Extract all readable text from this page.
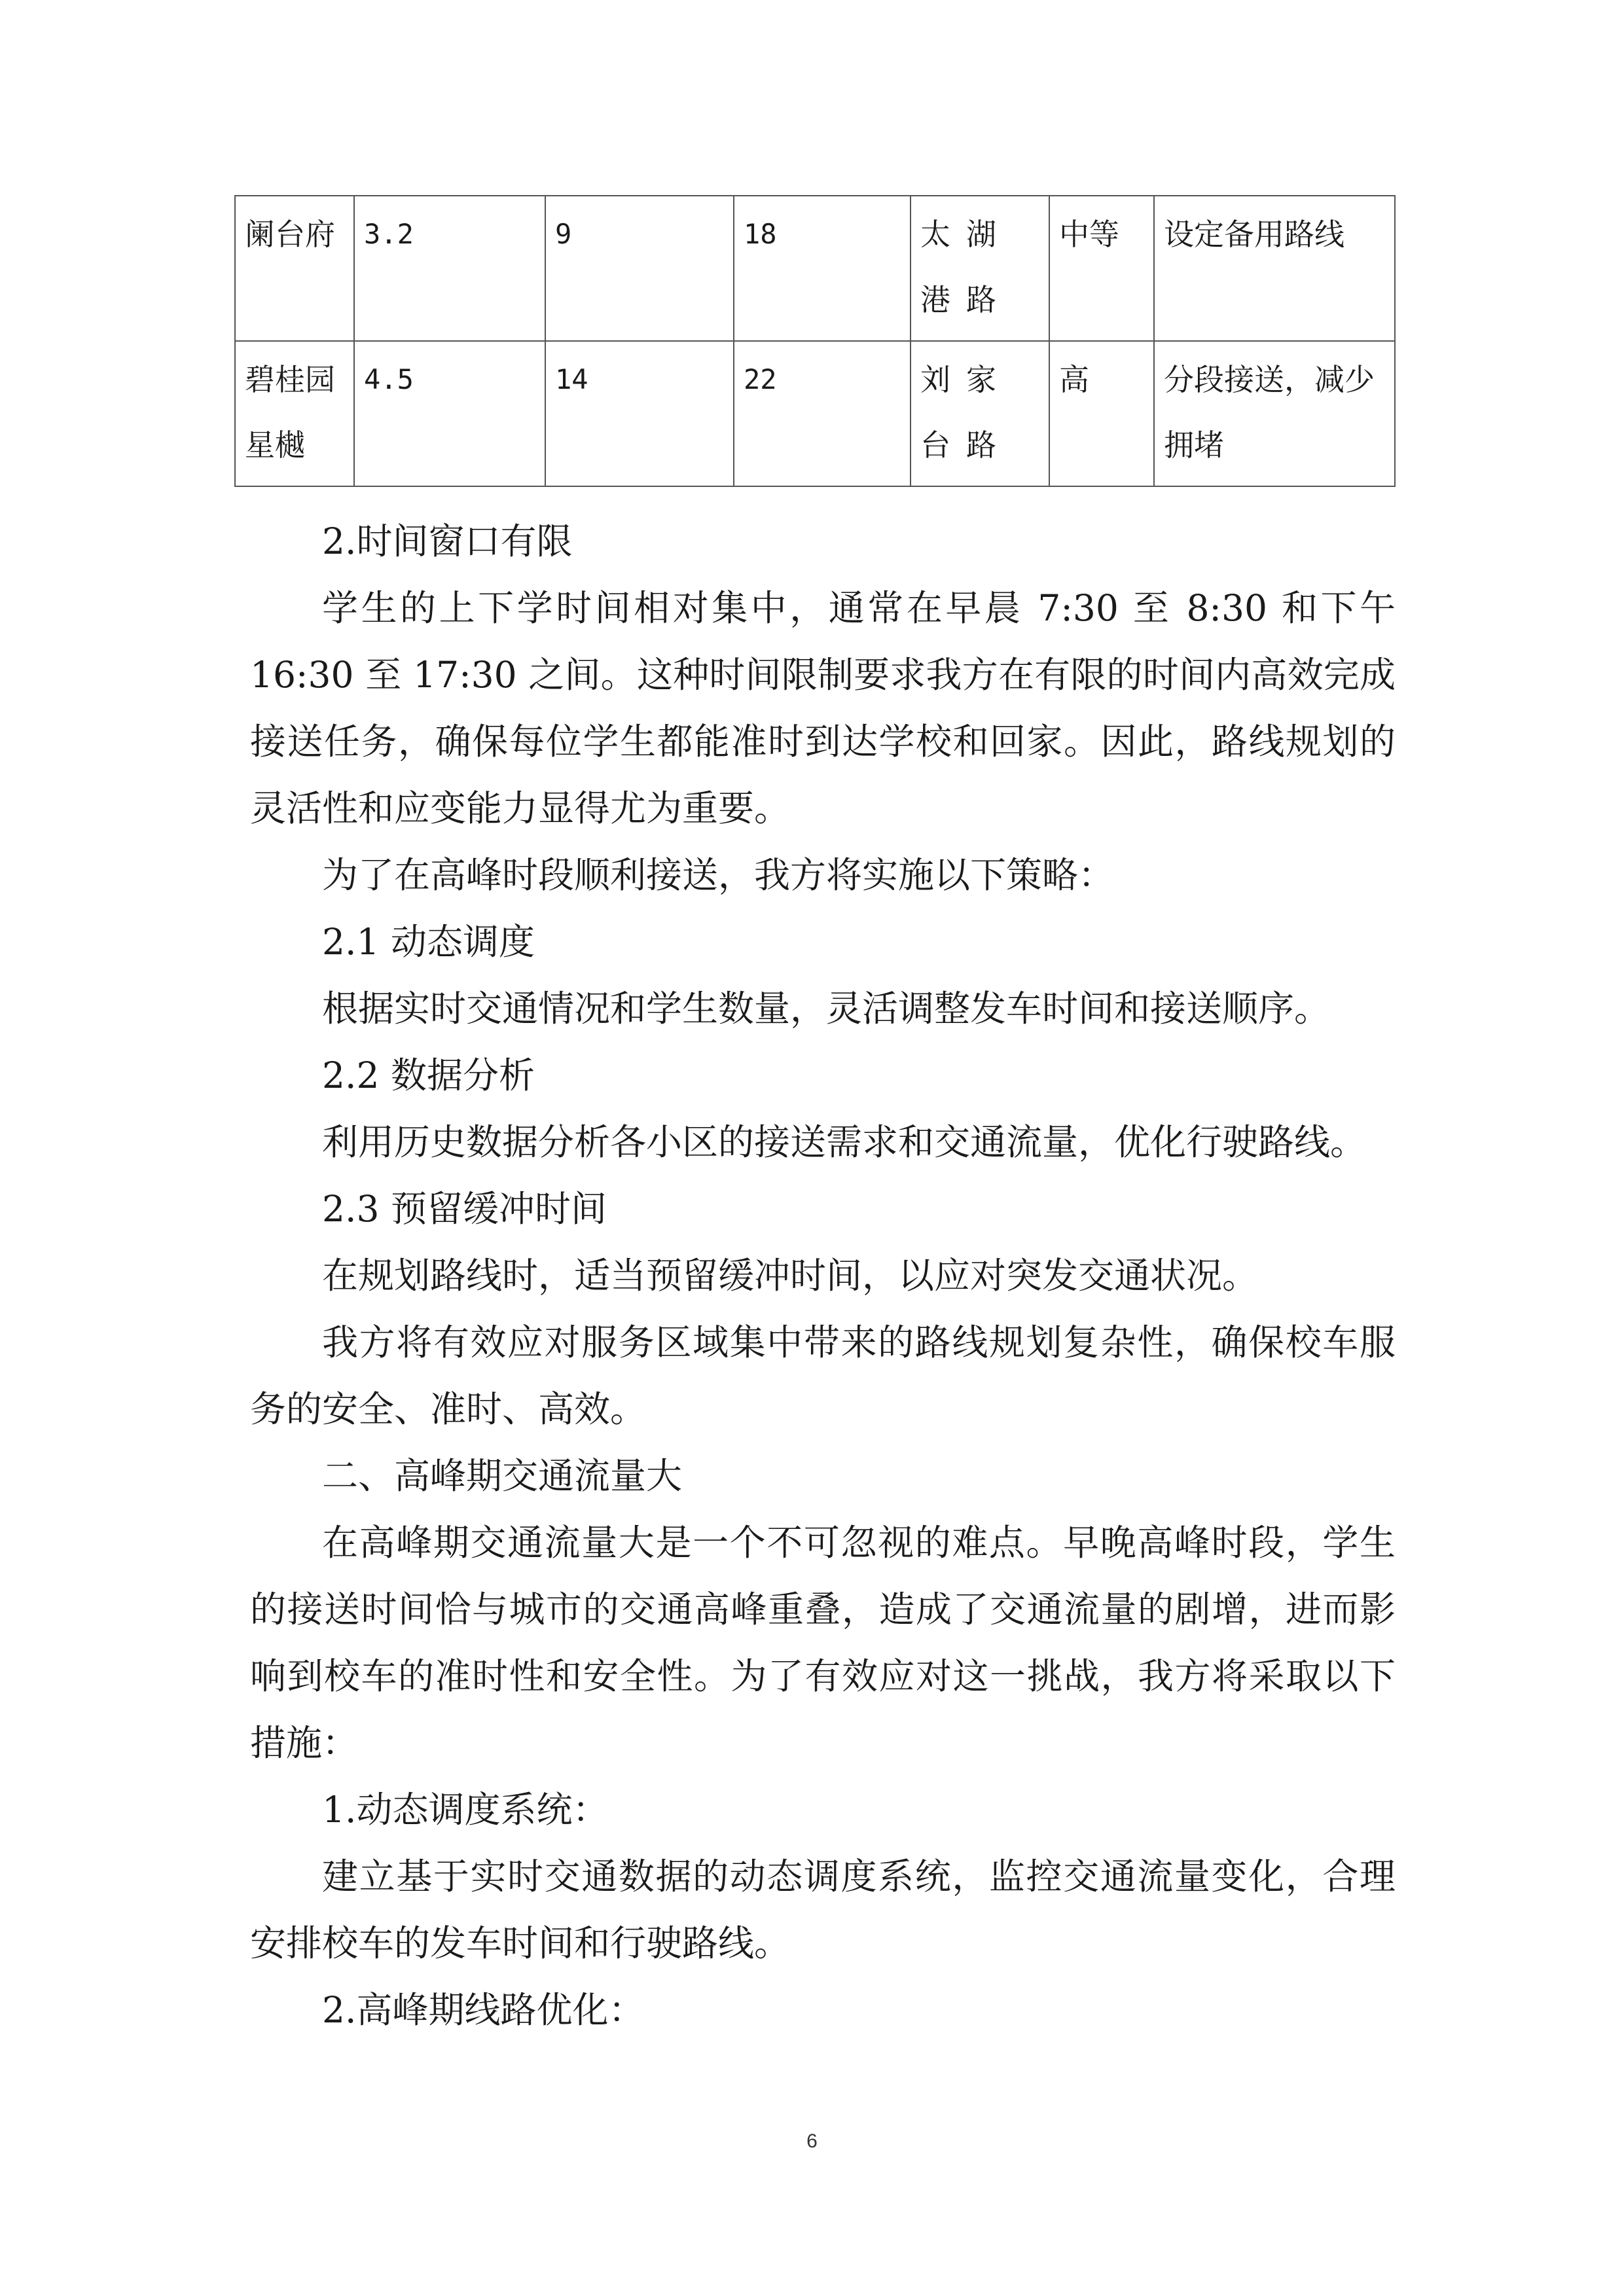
阑台府	3.2	9	18	太湖港路	中等	设定备用路线

碧桂园星樾	4.5	14	22	刘家台路	高	分段接送，减少拥堵

2.时间窗口有限

学生的上下学时间相对集中，通常在早晨 7:30 至 8:30 和下午 16:30 至 17:30 之间。这种时间限制要求我方在有限的时间内高效完成接送任务，确保每位学生都能准时到达学校和回家。因此，路线规划的灵活性和应变能力显得尤为重要。

为了在高峰时段顺利接送，我方将实施以下策略：

2.1 动态调度

根据实时交通情况和学生数量，灵活调整发车时间和接送顺序。

2.2 数据分析

利用历史数据分析各小区的接送需求和交通流量，优化行驶路线。

2.3 预留缓冲时间

在规划路线时，适当预留缓冲时间，以应对突发交通状况。

我方将有效应对服务区域集中带来的路线规划复杂性，确保校车服务的安全、准时、高效。

二、高峰期交通流量大

在高峰期交通流量大是一个不可忽视的难点。早晚高峰时段，学生的接送时间恰与城市的交通高峰重叠，造成了交通流量的剧增，进而影响到校车的准时性和安全性。为了有效应对这一挑战，我方将采取以下措施：

1.动态调度系统：

建立基于实时交通数据的动态调度系统，监控交通流量变化，合理安排校车的发车时间和行驶路线。

2.高峰期线路优化：

6
